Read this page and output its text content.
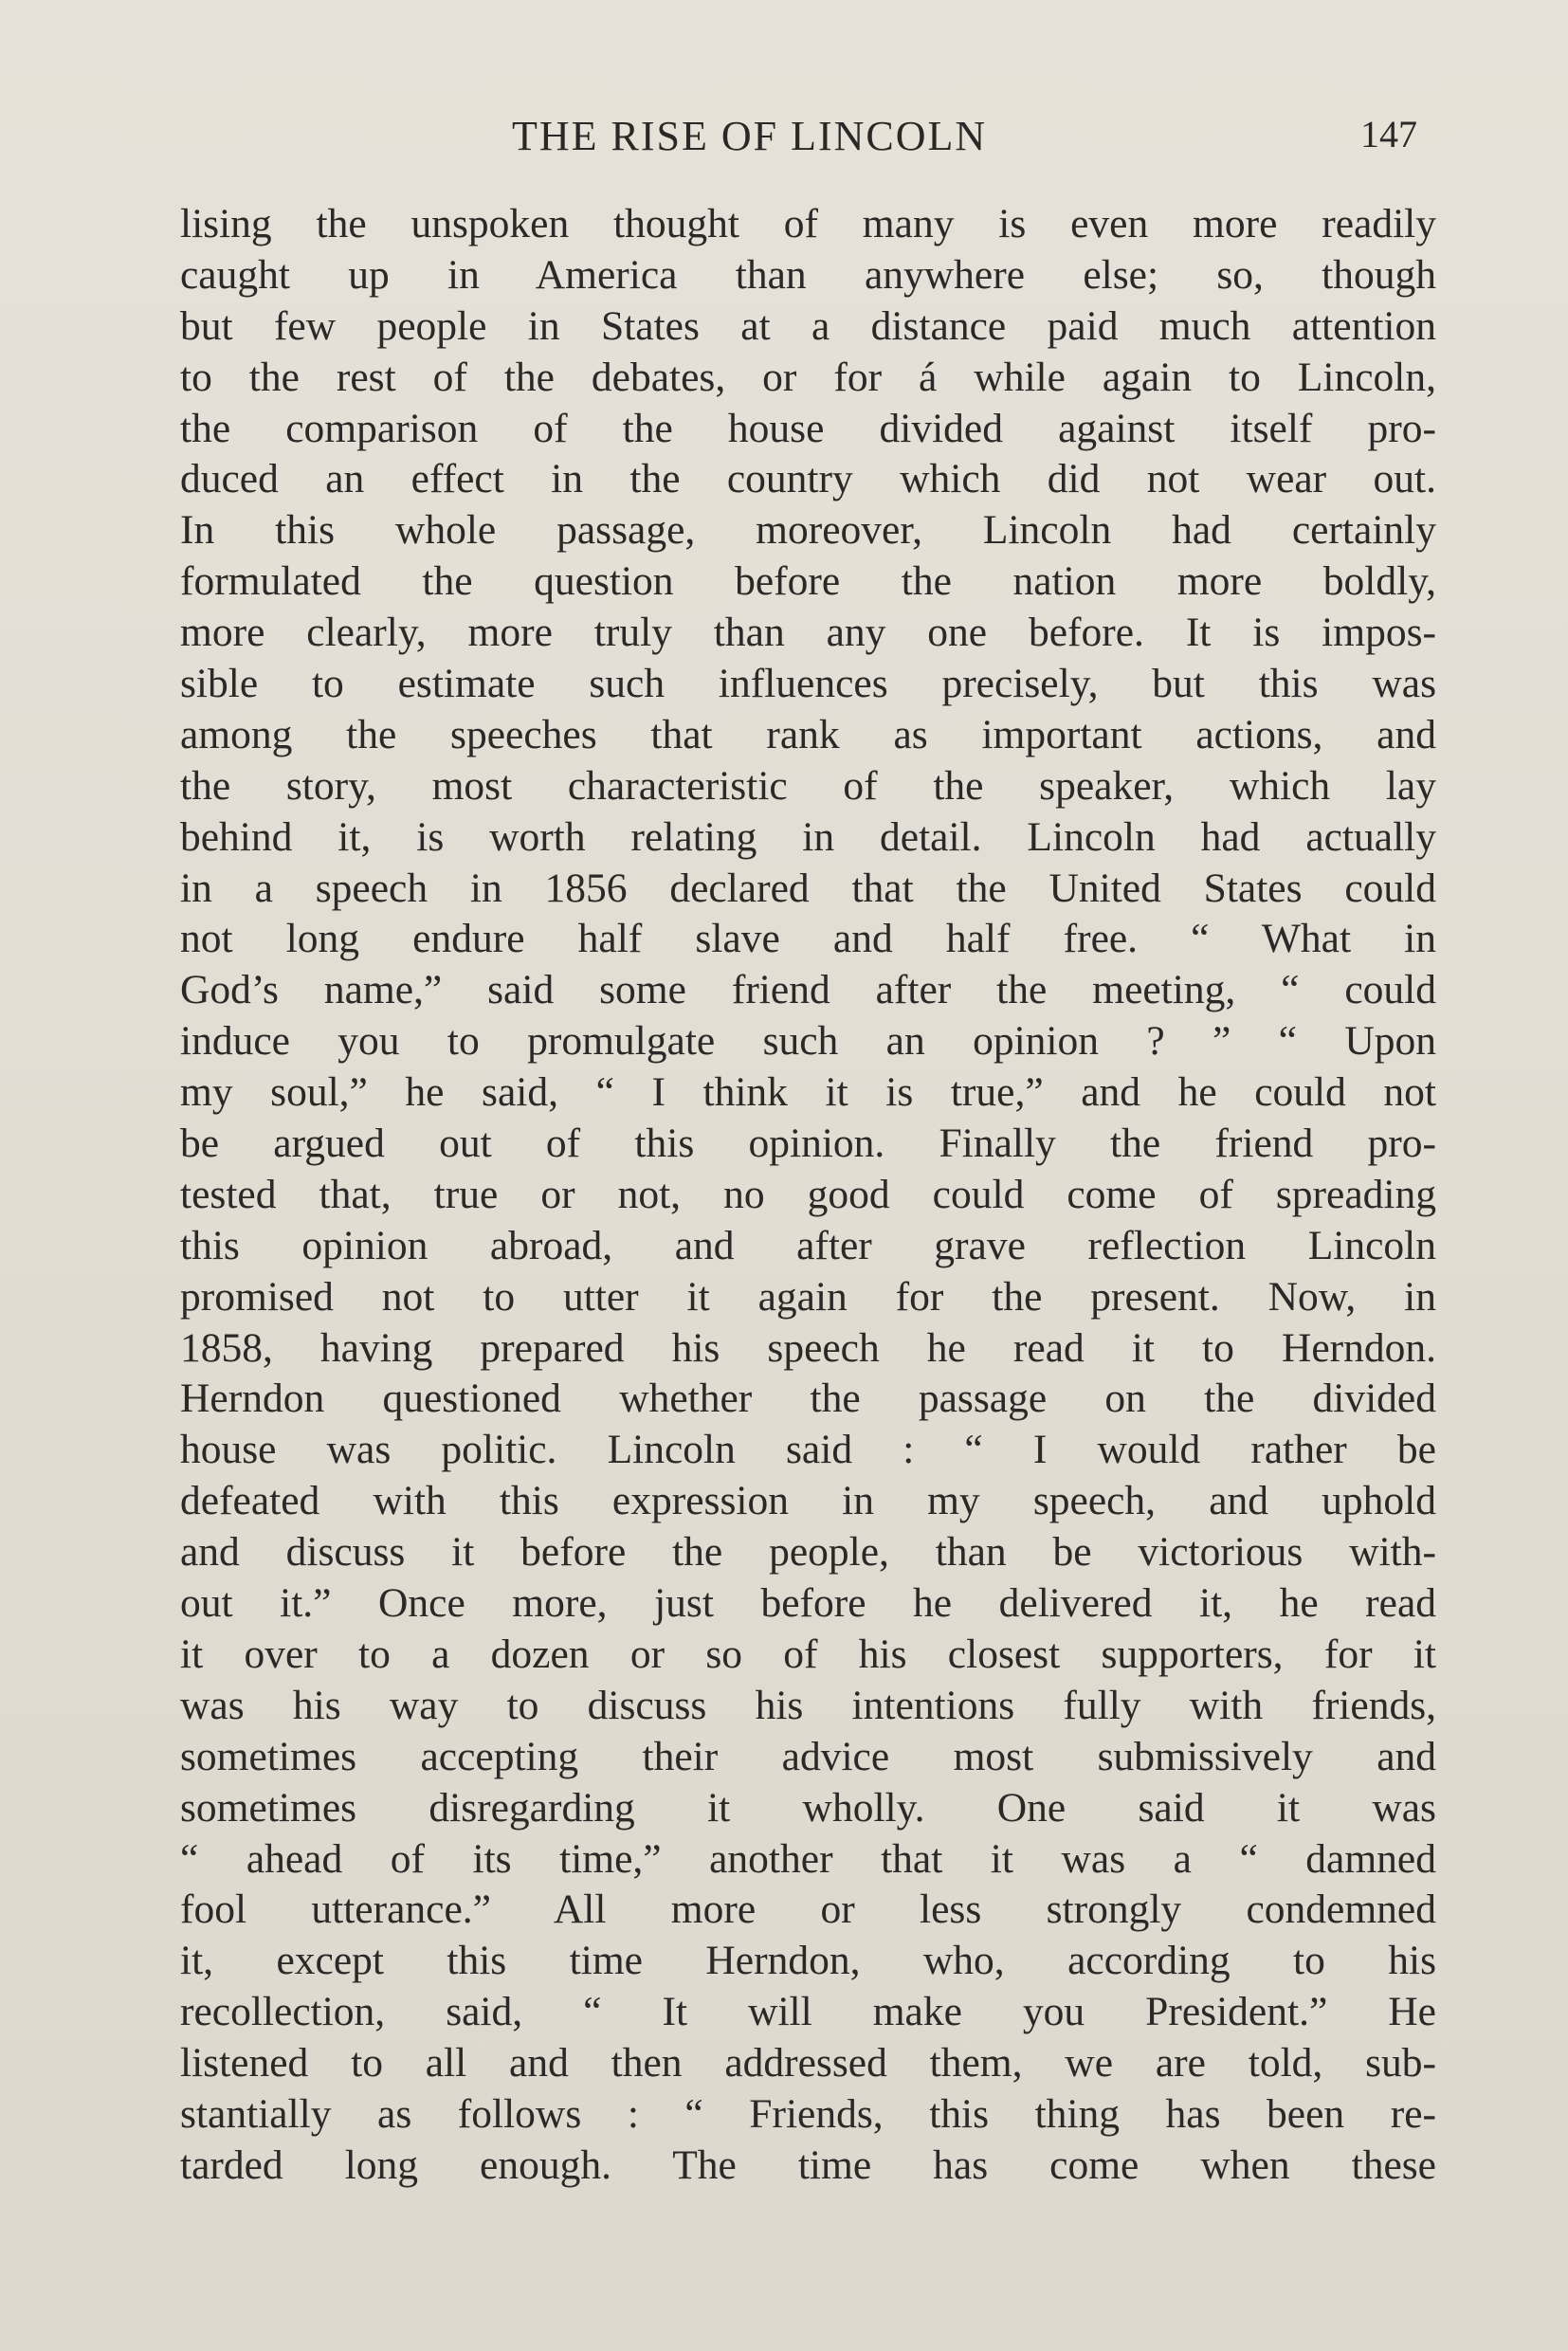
THE RISE OF LINCOLN	147
lising the unspoken thought of many is even more readily
caught up in America than anywhere else; so, though
but few people in States at a distance paid much attention
to the rest of the debates, or for á while again to Lincoln,
the comparison of the house divided against itself pro-
duced an effect in the country which did not wear out.
In this whole passage, moreover, Lincoln had certainly
formulated the question before the nation more boldly,
more clearly, more truly than any one before. It is impos-
sible to estimate such influences precisely, but this was
among the speeches that rank as important actions, and
the story, most characteristic of the speaker, which lay
behind it, is worth relating in detail. Lincoln had actually
in a speech in 1856 declared that the United States could
not long endure half slave and half free. “ What in
God’s name,” said some friend after the meeting, “ could
induce you to promulgate such an opinion ? ” “ Upon
my soul,” he said, “ I think it is true,” and he could not
be argued out of this opinion. Finally the friend pro-
tested that, true or not, no good could come of spreading
this opinion abroad, and after grave reflection Lincoln
promised not to utter it again for the present. Now, in
1858, having prepared his speech he read it to Herndon.
Herndon questioned whether the passage on the divided
house was politic. Lincoln said : “ I would rather be
defeated with this expression in my speech, and uphold
and discuss it before the people, than be victorious with-
out it.” Once more, just before he delivered it, he read
it over to a dozen or so of his closest supporters, for it
was his way to discuss his intentions fully with friends,
sometimes accepting their advice most submissively and
sometimes disregarding it wholly. One said it was
“ ahead of its time,” another that it was a “ damned
fool utterance.” All more or less strongly condemned
it, except this time Herndon, who, according to his
recollection, said, “ It will make you President.” He
listened to all and then addressed them, we are told, sub-
stantially as follows : “ Friends, this thing has been re-
tarded long enough. The time has come when these
